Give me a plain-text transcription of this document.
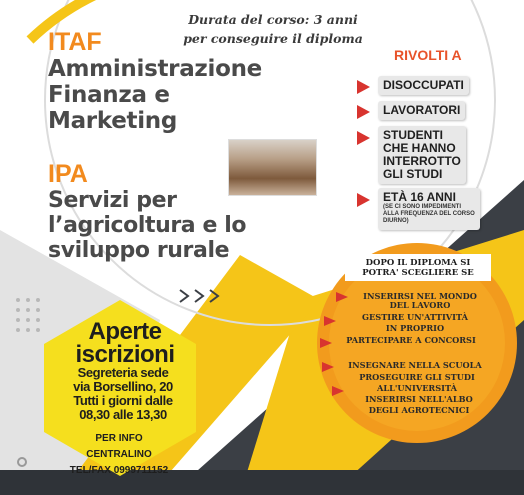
Durata del corso: 3 anni
per conseguire il diploma
ITAF
Amministrazione
Finanza e
Marketing
IPA
Servizi per
l’agricoltura e lo
sviluppo rurale
RIVOLTI A
DISOCCUPATI
LAVORATORI
STUDENTI
CHE HANNO
INTERROTTO
GLI STUDI
ETÀ 16 ANNI
(SE CI SONO IMPEDIMENTI
ALLA FREQUENZA DEL CORSO
DIURNO)
DOPO IL DIPLOMA SI
POTRA' SCEGLIERE SE
INSERIRSI NEL MONDO
DEL LAVORO
GESTIRE UN'ATTIVITÀ
IN PROPRIO
PARTECIPARE A CONCORSI
INSEGNARE NELLA SCUOLA
PROSEGUIRE GLI STUDI
ALL'UNIVERSITÀ
INSERIRSI NELL'ALBO
DEGLI AGROTECNICI
Aperte
iscrizioni
Segreteria sede
via Borsellino, 20
Tutti i giorni dalle
08,30 alle 13,30
PER INFO
CENTRALINO
TEL/FAX 0999711152
